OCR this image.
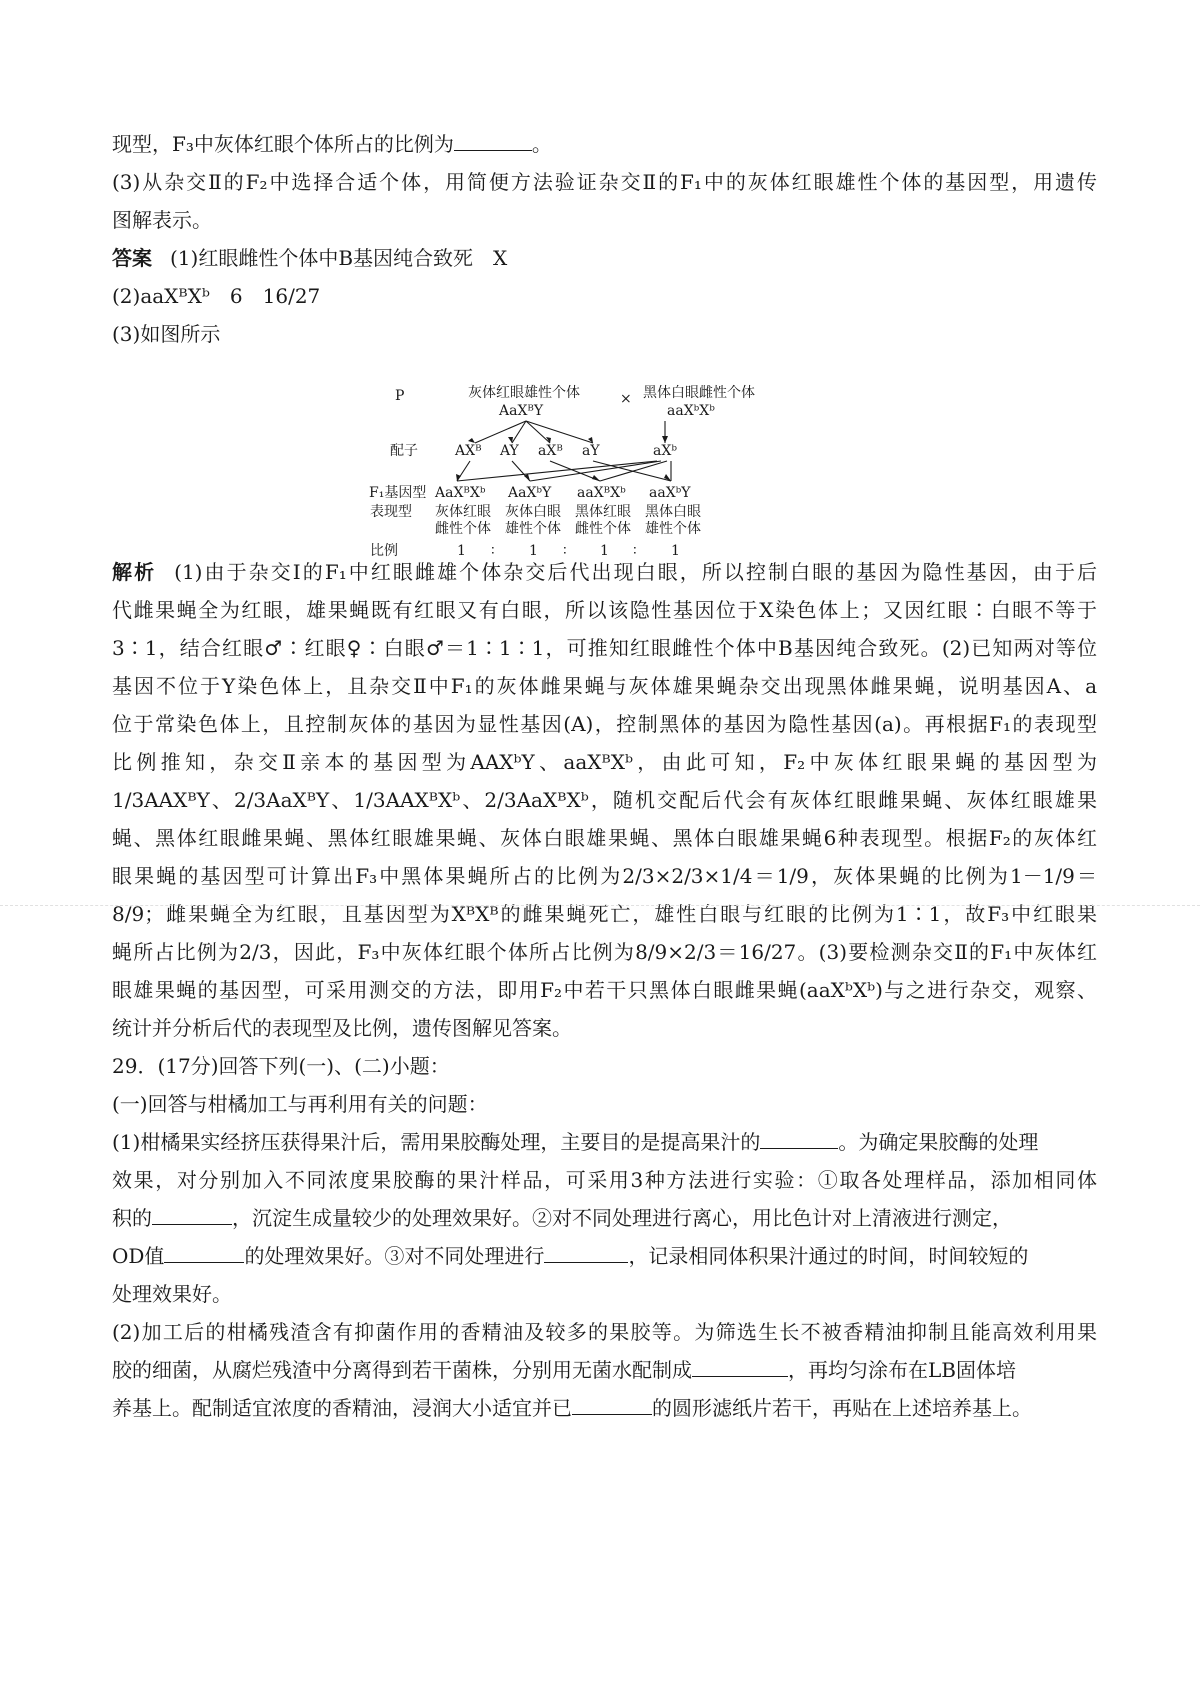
现型，F₃中灰体红眼个体所占的比例为	。
(3)从杂交Ⅱ的F₂中选择合适个体，用简便方法验证杂交Ⅱ的F₁中的灰体红眼雄性个体的基因型，用遗传
图解表示。
答案 (1)红眼雌性个体中B基因纯合致死　X
(2)aaXᴮXᵇ　6　16/27
(3)如图所示
P	灰体红眼雄性个体	× 黑体白眼雌性个体
AaXᴮY	aaXᵇXᵇ
配子	AXᴮ AY aXᴮ aY	aXᵇ
F₁基因型 AaXᴮXᵇ AaXᵇY aaXᴮXᵇ aaXᵇY
表现型 灰体红眼 灰体白眼 黑体红眼 黑体白眼
雌性个体 雄性个体 雌性个体 雄性个体
比例	1 ∶ 1 ∶ 1 ∶ 1
解析 (1)由于杂交Ⅰ的F₁中红眼雌雄个体杂交后代出现白眼，所以控制白眼的基因为隐性基因，由于后
代雌果蝇全为红眼，雄果蝇既有红眼又有白眼，所以该隐性基因位于X染色体上；又因红眼∶白眼不等于
3∶1，结合红眼♂∶红眼♀∶白眼♂＝1∶1∶1，可推知红眼雌性个体中B基因纯合致死。(2)已知两对等位
基因不位于Y染色体上，且杂交Ⅱ中F₁的灰体雌果蝇与灰体雄果蝇杂交出现黑体雌果蝇，说明基因A、a
位于常染色体上，且控制灰体的基因为显性基因(A)，控制黑体的基因为隐性基因(a)。再根据F₁的表现型
比例推知，杂交Ⅱ亲本的基因型为AAXᵇY、aaXᴮXᵇ，由此可知，F₂中灰体红眼果蝇的基因型为
1/3AAXᴮY、2/3AaXᴮY、1/3AAXᴮXᵇ、2/3AaXᴮXᵇ，随机交配后代会有灰体红眼雌果蝇、灰体红眼雄果
蝇、黑体红眼雌果蝇、黑体红眼雄果蝇、灰体白眼雄果蝇、黑体白眼雄果蝇6种表现型。根据F₂的灰体红
眼果蝇的基因型可计算出F₃中黑体果蝇所占的比例为2/3×2/3×1/4＝1/9，灰体果蝇的比例为1－1/9＝
8/9；雌果蝇全为红眼，且基因型为XᴮXᴮ的雌果蝇死亡，雄性白眼与红眼的比例为1∶1，故F₃中红眼果
蝇所占比例为2/3，因此，F₃中灰体红眼个体所占比例为8/9×2/3＝16/27。(3)要检测杂交Ⅱ的F₁中灰体红
眼雄果蝇的基因型，可采用测交的方法，即用F₂中若干只黑体白眼雌果蝇(aaXᵇXᵇ)与之进行杂交，观察、
统计并分析后代的表现型及比例，遗传图解见答案。
29．(17分)回答下列(一)、(二)小题：
(一)回答与柑橘加工与再利用有关的问题：
(1)柑橘果实经挤压获得果汁后，需用果胶酶处理，主要目的是提高果汁的	。为确定果胶酶的处理
效果，对分别加入不同浓度果胶酶的果汁样品，可采用3种方法进行实验：①取各处理样品，添加相同体
积的	，沉淀生成量较少的处理效果好。②对不同处理进行离心，用比色计对上清液进行测定，
OD值	的处理效果好。③对不同处理进行	，记录相同体积果汁通过的时间，时间较短的
处理效果好。
(2)加工后的柑橘残渣含有抑菌作用的香精油及较多的果胶等。为筛选生长不被香精油抑制且能高效利用果
胶的细菌，从腐烂残渣中分离得到若干菌株，分别用无菌水配制成	，再均匀涂布在LB固体培
养基上。配制适宜浓度的香精油，浸润大小适宜并已	的圆形滤纸片若干，再贴在上述培养基上。
